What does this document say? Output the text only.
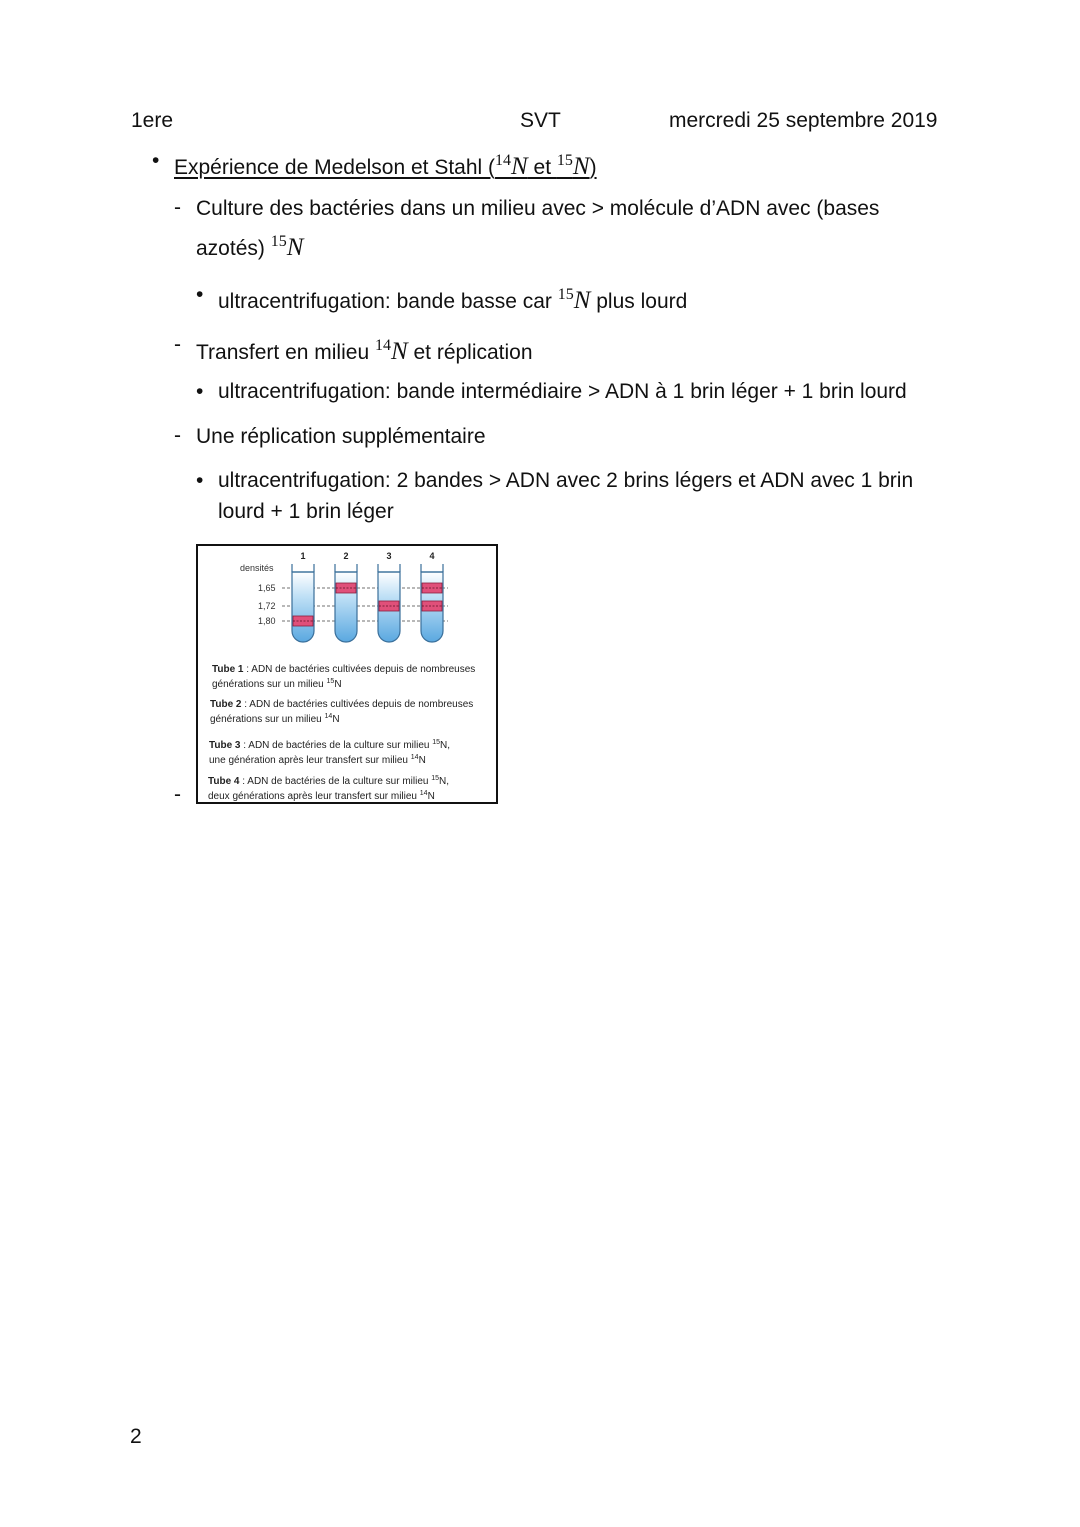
1ere	SVT	mercredi 25 septembre 2019
• Expérience de Medelson et Stahl ($^{14}$N et $^{15}$N)
- Culture des bactéries dans un milieu avec > molécule d’ADN avec (bases
azotés) $^{15}$N
• ultracentrifugation: bande basse car $^{15}$N plus lourd
- Transfert en milieu $^{14}$N et réplication
• ultracentrifugation: bande intermédiaire > ADN à 1 brin léger + 1 brin lourd
- Une réplication supplémentaire
• ultracentrifugation: 2 bandes > ADN avec 2 brins légers et ADN avec 1 brin
lourd + 1 brin léger
-
densités
1,65
1,72
1,80
1	2	3	4
Tube 1 : ADN de bactéries cultivées depuis de nombreuses
générations sur un milieu $^{15}$N
Tube 2 : ADN de bactéries cultivées depuis de nombreuses
générations sur un milieu $^{14}$N
Tube 3 : ADN de bactéries de la culture sur milieu $^{15}$N,
une génération après leur transfert sur milieu $^{14}$N
Tube 4 : ADN de bactéries de la culture sur milieu $^{15}$N,
deux générations après leur transfert sur milieu $^{14}$N
2
